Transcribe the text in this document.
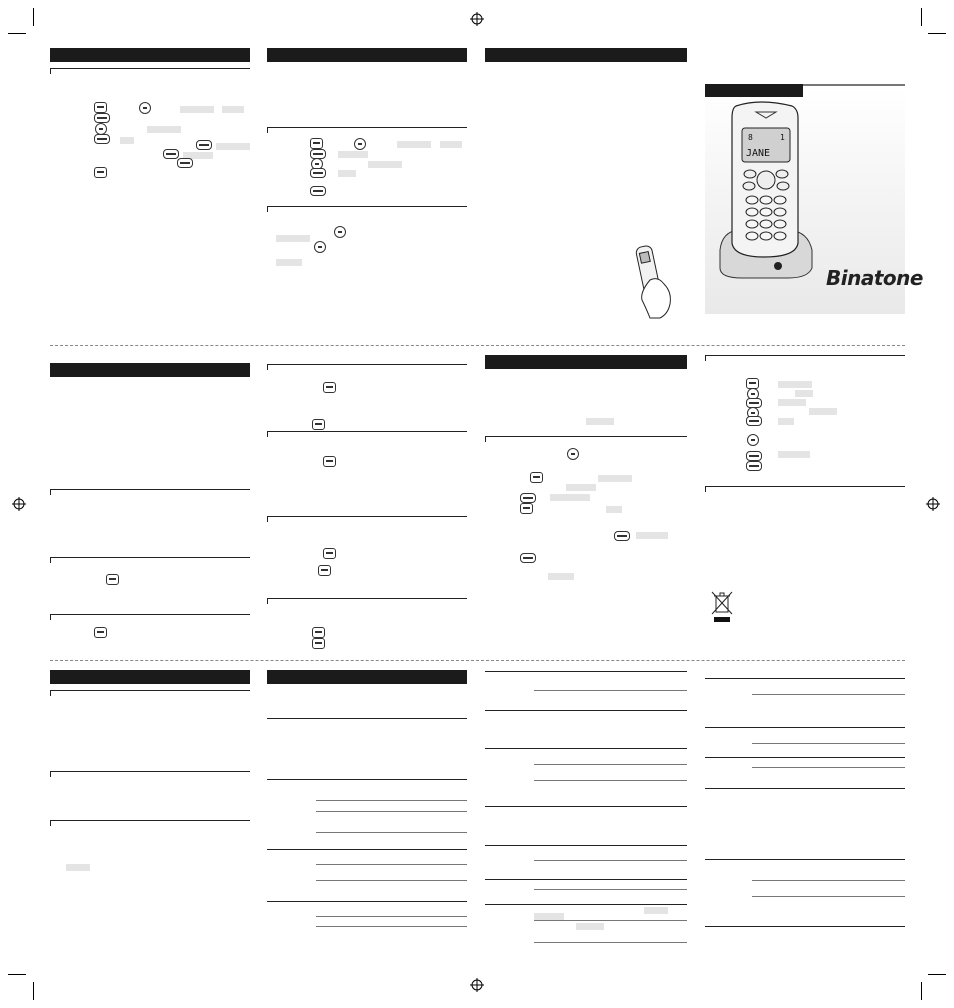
8	1
JANE
Binatone
